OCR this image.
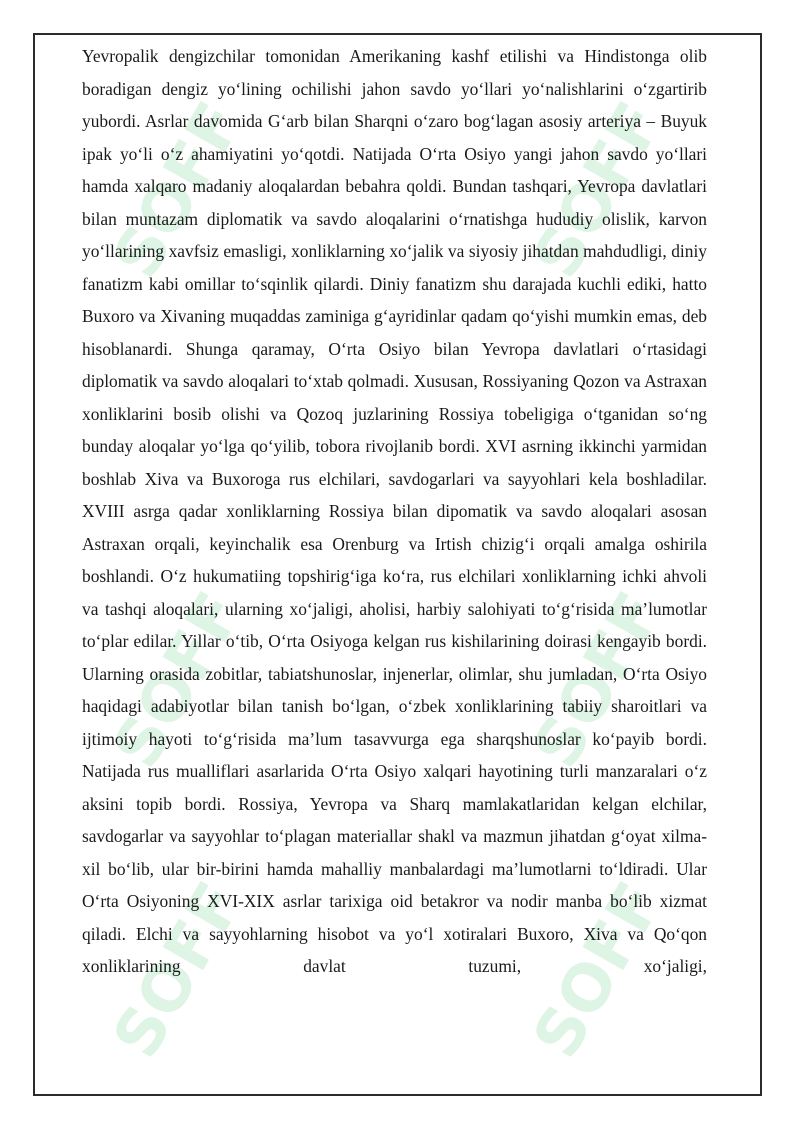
SOFF	SOFF
SOFF	SOFF
SOFF	SOFF

Yevropalik dengizchilar tomonidan Amerikaning kashf etilishi va Hindistonga olib boradigan dengiz yo‘lining ochilishi jahon savdo yo‘llari yo‘nalishlarini o‘zgartirib yubordi. Asrlar davomida G‘arb bilan Sharqni o‘zaro bog‘lagan asosiy arteriya – Buyuk ipak yo‘li o‘z ahamiyatini yo‘qotdi. Natijada O‘rta Osiyo yangi jahon savdo yo‘llari hamda xalqaro madaniy aloqalardan bebahra qoldi. Bundan tashqari, Yevropa davlatlari bilan muntazam diplomatik va savdo aloqalarini o‘rnatishga hududiy olislik, karvon yo‘llarining xavfsiz emasligi, xonliklarning xo‘jalik va siyosiy jihatdan mahdudligi, diniy fanatizm kabi omillar to‘sqinlik qilardi. Diniy fanatizm shu darajada kuchli ediki, hatto Buxoro va Xivaning muqaddas zaminiga g‘ayridinlar qadam qo‘yishi mumkin emas, deb hisoblanardi. Shunga qaramay, O‘rta Osiyo bilan Yevropa davlatlari o‘rtasidagi diplomatik va savdo aloqalari to‘xtab qolmadi. Xususan, Rossiyaning Qozon va Astraxan xonliklarini bosib olishi va Qozoq juzlarining Rossiya tobeligiga o‘tganidan so‘ng bunday aloqalar yo‘lga qo‘yilib, tobora rivojlanib bordi. XVI asrning ikkinchi yarmidan boshlab Xiva va Buxoroga rus elchilari, savdogarlari va sayyohlari kela boshladilar. XVIII asrga qadar xonliklarning Rossiya bilan dipomatik va savdo aloqalari asosan Astraxan orqali, keyinchalik esa Orenburg va Irtish chizig‘i orqali amalga oshirila boshlandi. O‘z hukumatiing topshirig‘iga ko‘ra, rus elchilari xonliklarning ichki ahvoli va tashqi aloqalari, ularning xo‘jaligi, aholisi, harbiy salohiyati to‘g‘risida ma’lumotlar to‘plar edilar. Yillar o‘tib, O‘rta Osiyoga kelgan rus kishilarining doirasi kengayib bordi. Ularning orasida zobitlar, tabiatshunoslar, injenerlar, olimlar, shu jumladan, O‘rta Osiyo haqidagi adabiyotlar bilan tanish bo‘lgan, o‘zbek xonliklarining tabiiy sharoitlari va ijtimoiy hayoti to‘g‘risida ma’lum tasavvurga ega sharqshunoslar ko‘payib bordi. Natijada rus mualliflari asarlarida O‘rta Osiyo xalqari hayotining turli manzaralari o‘z aksini topib bordi. Rossiya, Yevropa va Sharq mamlakatlaridan kelgan elchilar, savdogarlar va sayyohlar to‘plagan materiallar shakl va mazmun jihatdan g‘oyat xilma-xil bo‘lib, ular bir-birini hamda mahalliy manbalardagi ma’lumotlarni to‘ldiradi. Ular O‘rta Osiyoning XVI-XIX asrlar tarixiga oid betakror va nodir manba bo‘lib xizmat qiladi. Elchi va sayyohlarning hisobot va yo‘l xotiralari Buxoro, Xiva va Qo‘qon xonliklarining davlat tuzumi, xo‘jaligi,
